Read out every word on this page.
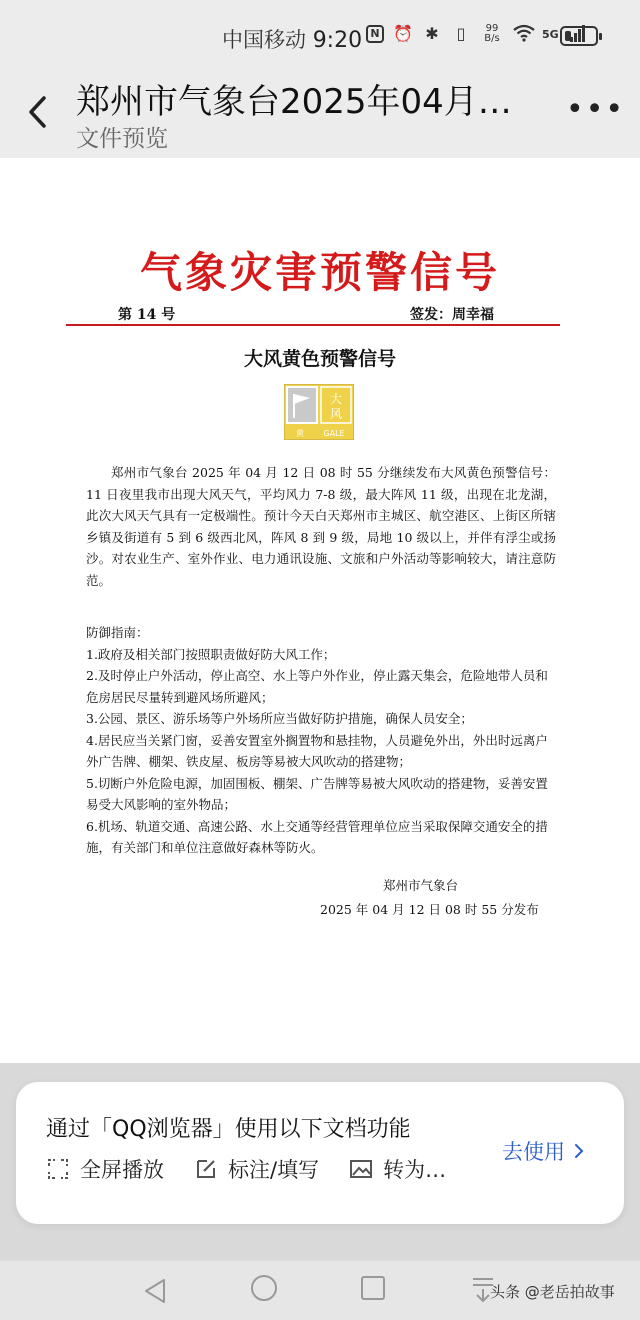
中国移动 9:20 N ⏰ ✱	▯	99
B/s	5G
郑州市气象台2025年04月…
文件预览
•••
气象灾害预警信号
第 14 号	签发：周幸福
大风黄色预警信号
大
风
黄 GALE

郑州市气象台 2025 年 04 月 12 日 08 时 55 分继续发布大风黄色预警信号：11 日夜里我市出现大风天气，平均风力 7-8 级，最大阵风 11 级，出现在北龙湖，此次大风天气具有一定极端性。预计今天白天郑州市主城区、航空港区、上街区所辖乡镇及街道有 5 到 6 级西北风，阵风 8 到 9 级，局地 10 级以上，并伴有浮尘或扬沙。对农业生产、室外作业、电力通讯设施、文旅和户外活动等影响较大，请注意防范。

防御指南：
1.政府及相关部门按照职责做好防大风工作；
2.及时停止户外活动，停止高空、水上等户外作业，停止露天集会，危险地带人员和危房居民尽量转到避风场所避风；
3.公园、景区、游乐场等户外场所应当做好防护措施，确保人员安全；
4.居民应当关紧门窗，妥善安置室外搁置物和悬挂物，人员避免外出，外出时远离户外广告牌、棚架、铁皮屋、板房等易被大风吹动的搭建物；
5.切断户外危险电源，加固围板、棚架、广告牌等易被大风吹动的搭建物，妥善安置易受大风影响的室外物品；
6.机场、轨道交通、高速公路、水上交通等经营管理单位应当采取保障交通安全的措施，有关部门和单位注意做好森林等防火。
郑州市气象台
2025 年 04 月 12 日 08 时 55 分发布
通过「QQ浏览器」使用以下文档功能
全屏播放	标注/填写	转为…
去使用
头条 @老岳拍故事
